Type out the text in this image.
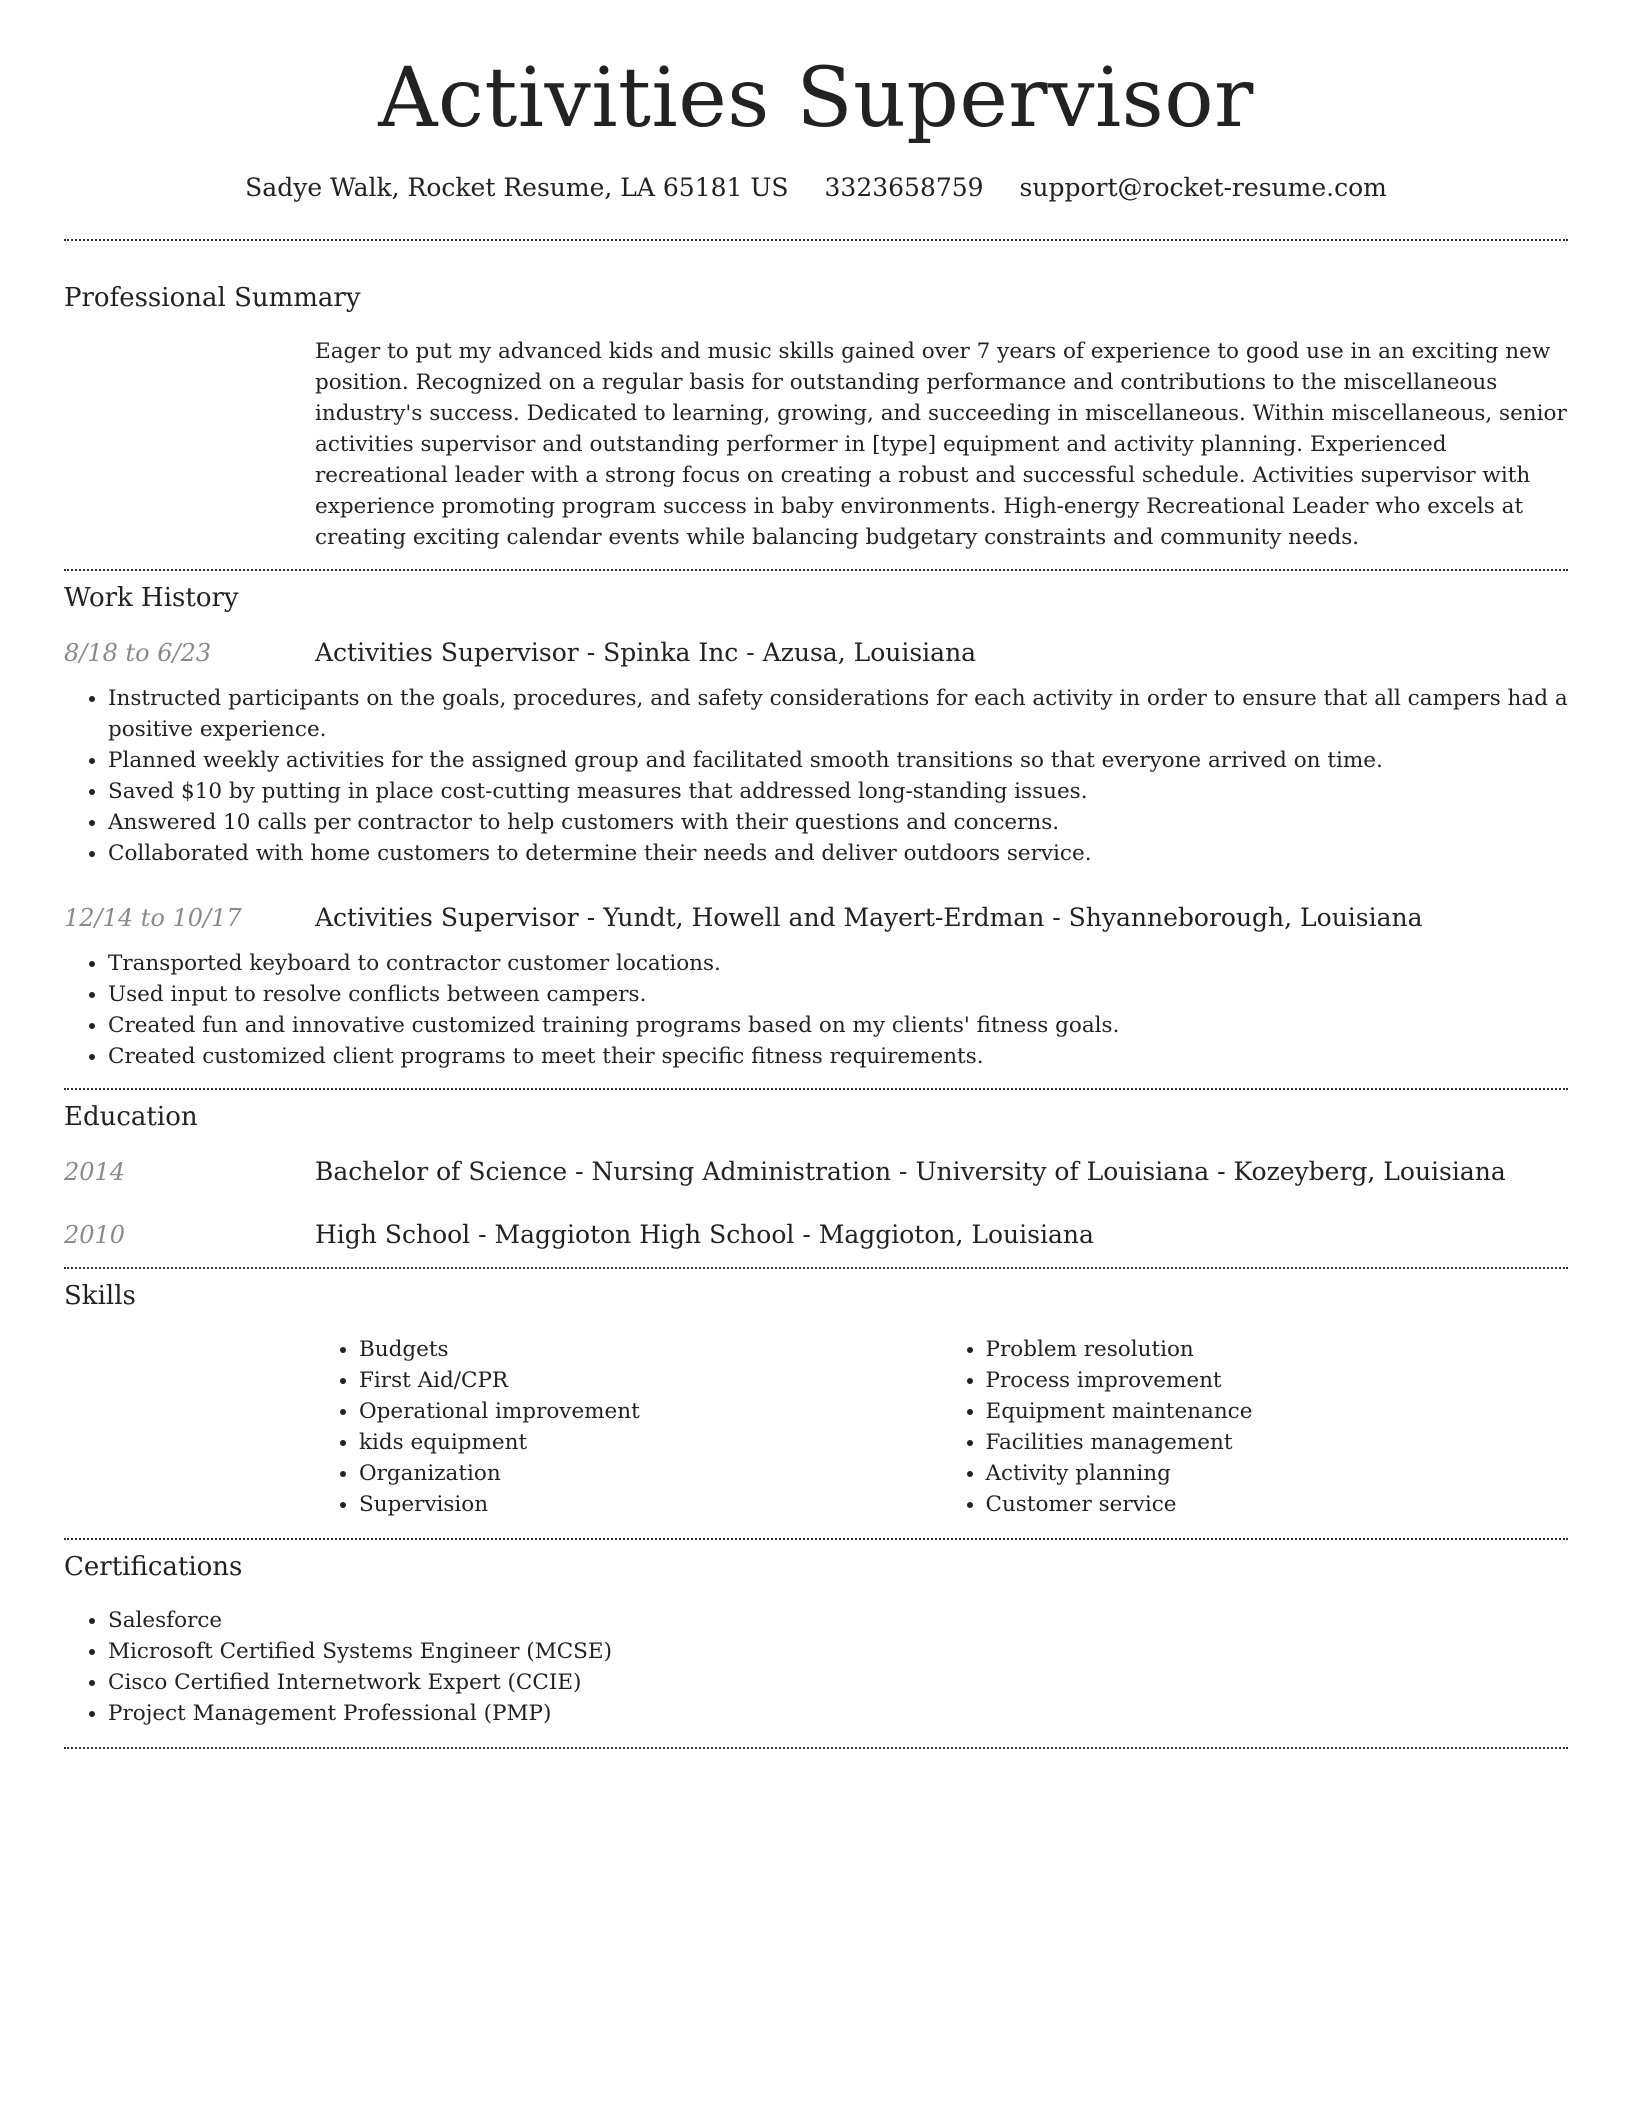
Activities Supervisor
Sadye Walk, Rocket Resume, LA 65181 US 3323658759 support@rocket-resume.com
Professional Summary
Eager to put my advanced kids and music skills gained over 7 years of experience to good use in an exciting new position. Recognized on a regular basis for outstanding performance and contributions to the miscellaneous industry's success. Dedicated to learning, growing, and succeeding in miscellaneous. Within miscellaneous, senior activities supervisor and outstanding performer in [type] equipment and activity planning. Experienced recreational leader with a strong focus on creating a robust and successful schedule. Activities supervisor with experience promoting program success in baby environments. High-energy Recreational Leader who excels at creating exciting calendar events while balancing budgetary constraints and community needs.
Work History
8/18 to 6/23	Activities Supervisor - Spinka Inc - Azusa, Louisiana
• Instructed participants on the goals, procedures, and safety considerations for each activity in order to ensure that all campers had a positive experience.
• Planned weekly activities for the assigned group and facilitated smooth transitions so that everyone arrived on time.
• Saved $10 by putting in place cost-cutting measures that addressed long-standing issues.
• Answered 10 calls per contractor to help customers with their questions and concerns.
• Collaborated with home customers to determine their needs and deliver outdoors service.
12/14 to 10/17	Activities Supervisor - Yundt, Howell and Mayert-Erdman - Shyanneborough, Louisiana
• Transported keyboard to contractor customer locations.
• Used input to resolve conflicts between campers.
• Created fun and innovative customized training programs based on my clients' fitness goals.
• Created customized client programs to meet their specific fitness requirements.
Education
2014	Bachelor of Science - Nursing Administration - University of Louisiana - Kozeyberg, Louisiana
2010	High School - Maggioton High School - Maggioton, Louisiana
Skills
• Budgets
• First Aid/CPR
• Operational improvement
• kids equipment
• Organization
• Supervision
• Problem resolution
• Process improvement
• Equipment maintenance
• Facilities management
• Activity planning
• Customer service
Certifications
• Salesforce
• Microsoft Certified Systems Engineer (MCSE)
• Cisco Certified Internetwork Expert (CCIE)
• Project Management Professional (PMP)
